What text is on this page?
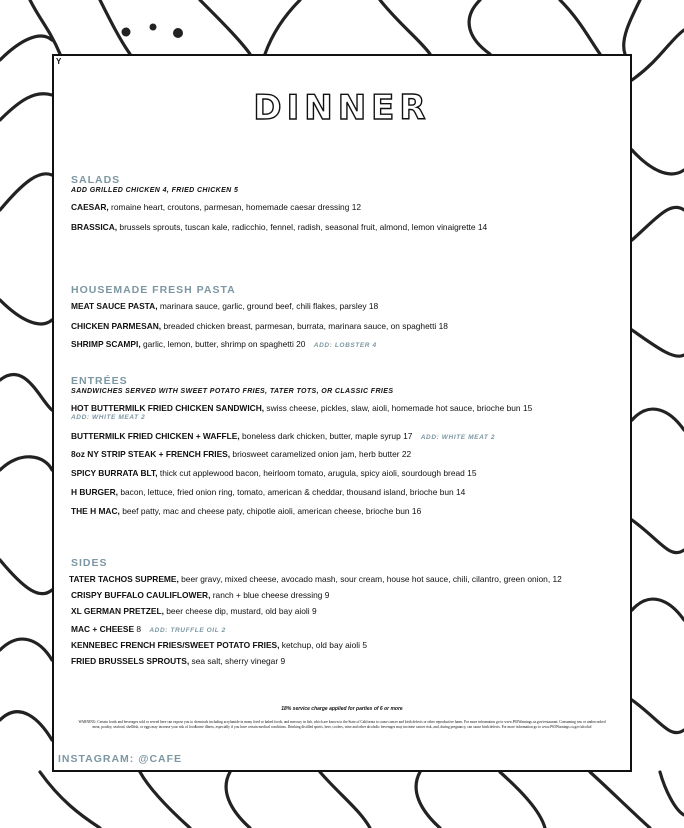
Y
DINNER
SALADS
ADD GRILLED CHICKEN 4, FRIED CHICKEN 5
CAESAR, romaine heart, croutons, parmesan, homemade caesar dressing 12
BRASSICA, brussels sprouts, tuscan kale, radicchio, fennel, radish, seasonal fruit, almond, lemon vinaigrette 14
HOUSEMADE FRESH PASTA
MEAT SAUCE PASTA, marinara sauce, garlic, ground beef, chili flakes, parsley 18
CHICKEN PARMESAN, breaded chicken breast, parmesan, burrata, marinara sauce, on spaghetti 18
SHRIMP SCAMPI, garlic, lemon, butter, shrimp on spaghetti 20 ADD: LOBSTER 4
ENTRÉES
SANDWICHES SERVED WITH SWEET POTATO FRIES, TATER TOTS, OR CLASSIC FRIES
HOT BUTTERMILK FRIED CHICKEN SANDWICH, swiss cheese, pickles, slaw, aioli, homemade hot sauce, brioche bun 15
ADD: WHITE MEAT 2
BUTTERMILK FRIED CHICKEN + WAFFLE, boneless dark chicken, butter, maple syrup 17 ADD: WHITE MEAT 2
8oz NY STRIP STEAK + FRENCH FRIES, briosweet caramelized onion jam, herb butter 22
SPICY BURRATA BLT, thick cut applewood bacon, heirloom tomato, arugula, spicy aioli, sourdough bread 15
H BURGER, bacon, lettuce, fried onion ring, tomato, american & cheddar, thousand island, brioche bun 14
THE H MAC, beef patty, mac and cheese paty, chipotle aioli, american cheese, brioche bun 16
SIDES
TATER TACHOS SUPREME, beer gravy, mixed cheese, avocado mash, sour cream, house hot sauce, chili, cilantro, green onion, 12
CRISPY BUFFALO CAULIFLOWER, ranch + blue cheese dressing 9
XL GERMAN PRETZEL, beer cheese dip, mustard, old bay aioli 9
MAC + CHEESE 8 ADD: TRUFFLE OIL 2
KENNEBEC FRENCH FRIES/SWEET POTATO FRIES, ketchup, old bay aioli 5
FRIED BRUSSELS SPROUTS, sea salt, sherry vinegar 9
18% service charge applied for parties of 6 or more
WARNING: Certain foods and beverages sold or served here can expose you to chemicals including acrylamide in many fried or baked foods, and mercury in fish, which are known to the State of California to cause cancer and birth defects or other reproductive harm. For more information go to www.P65Warnings.ca.gov/restaurant. Consuming raw or undercooked meat, poultry, seafood, shellfish, or eggs may increase your risk of foodborne illness, especially if you have certain medical conditions. Drinking distilled spirits, beer, coolers, wine and other alcoholic beverages may increase cancer risk, and, during pregnancy, can cause birth defects. For more information go to www.P65Warnings.ca.gov/alcohol
INSTAGRAM: @CAFE
